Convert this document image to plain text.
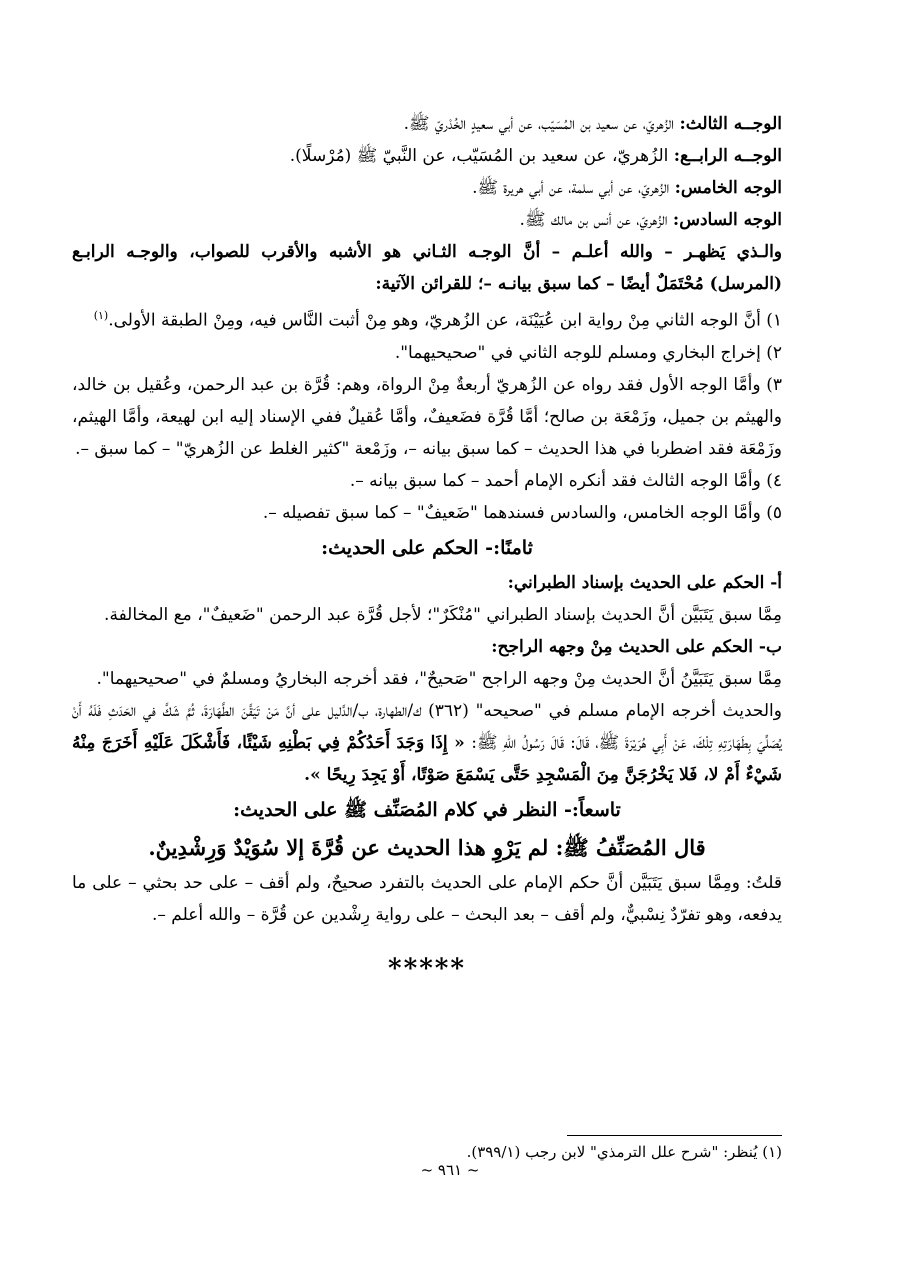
الوجــه الثالث: الزُهريّ، عن سعيد بن المُسَيّب، عن أبي سعيدٍ الخُدْريّ ﷺ.

الوجــه الرابــع: الزُهريّ، عن سعيد بن المُسَيّب، عن النَّبيّ ﷺ (مُرْسلًا).

الوجه الخامس: الزُهريّ، عن أبي سلمة، عن أبي هريرة ﷺ.

الوجه السادس: الزُهريّ، عن أنس بن مالك ﷺ.

والـذي يَظهـر – والله أعلـم – أنَّ الوجـه الثـاني هو الأشبه والأقرب للصواب، والوجـه الرابـع (المرسل) مُحْتَمَلٌ أيضًا – كما سبق بيانـه –؛ للقرائن الآتية:

١) أنَّ الوجه الثاني مِنْ رواية ابن عُيَيْنَة، عن الزُهريّ، وهو مِنْ أثبت النَّاس فيه، ومِنْ الطبقة الأولى.$^{(١)}$

٢) إخراج البخاري ومسلم للوجه الثاني في "صحيحيهما".

٣) وأمَّا الوجه الأول فقد رواه عن الزُهريّ أربعةٌ مِنْ الرواة، وهم: قُرَّة بن عبد الرحمن، وعُقيل بن خالد، والهيثم بن جميل، وزَمْعَة بن صالح؛ أمَّا قُرَّة فضَعيفٌ، وأمَّا عُقيلٌ ففي الإسناد إليه ابن لهيعة، وأمَّا الهيثم، وزَمْعَة فقد اضطربا في هذا الحديث – كما سبق بيانه –، وزَمْعة "كثير الغلط عن الزُهريّ" – كما سبق –.

٤) وأمَّا الوجه الثالث فقد أنكره الإمام أحمد – كما سبق بيانه –.

٥) وأمَّا الوجه الخامس، والسادس فسندهما "ضَعيفٌ" – كما سبق تفصيله –.

ثامنًا:- الحكم على الحديث:

أ- الحكم على الحديث بإسناد الطبراني:

مِمَّا سبق يَتَبَيَّن أنَّ الحديث بإسناد الطبراني "مُنْكَرٌ"؛ لأجل قُرَّة عبد الرحمن "ضَعيفٌ"، مع المخالفة.

ب- الحكم على الحديث مِنْ وجهه الراجح:

مِمَّا سبق يَتَبَيَّنُ أنَّ الحديث مِنْ وجهه الراجح "صَحيحٌ"، فقد أخرجه البخاريُ ومسلمٌ في "صحيحيهما".

والحديث أخرجه الإمام مسلم في "صحيحه" (٣٦٢) ك/الطهارة، ب/الدَّليل على أنَّ مَنْ تَيَقَّنَ الطَّهَارَةَ، ثُمَّ شَكَّ في الحَدَثِ فَلَهُ أَنْ يُصَلِّيَ بِطَهَارَتِهِ تِلْكَ، عَنْ أَبِي هُرَيْرَةَ ﷺ، قَالَ: قَالَ رَسُولُ اللهِ ﷺ: « إِذَا وَجَدَ أَحَدُكُمْ فِي بَطْنِهِ شَيْئًا، فَأَشْكَلَ عَلَيْهِ أَخَرَجَ مِنْهُ شَيْءٌ أَمْ لا، فَلا يَخْرُجَنَّ مِنَ الْمَسْجِدِ حَتَّى يَسْمَعَ صَوْتًا، أَوْ يَجِدَ رِيحًا ».

تاسعاً:- النظر في كلام المُصَنِّف ﷺ على الحديث:

قال المُصَنِّفُ ﷺ: لم يَرْوِ هذا الحديث عن قُرَّةَ إلا سُوَيْدٌ وَرِشْدِينٌ.

قلتُ: ومِمَّا سبق يَتَبَيَّن أنَّ حكم الإمام على الحديث بالتفرد صحيحٌ، ولم أقف – على حد بحثي – على ما يدفعه، وهو تفرّدٌ نِسْبيٌّ، ولم أقف – بعد البحث – على رواية رِشْدين عن قُرَّة – والله أعلم –.

*****

(١) يُنظر: "شرح علل الترمذي" لابن رجب (٣٩٩/١).
~ ٩٦١ ~
